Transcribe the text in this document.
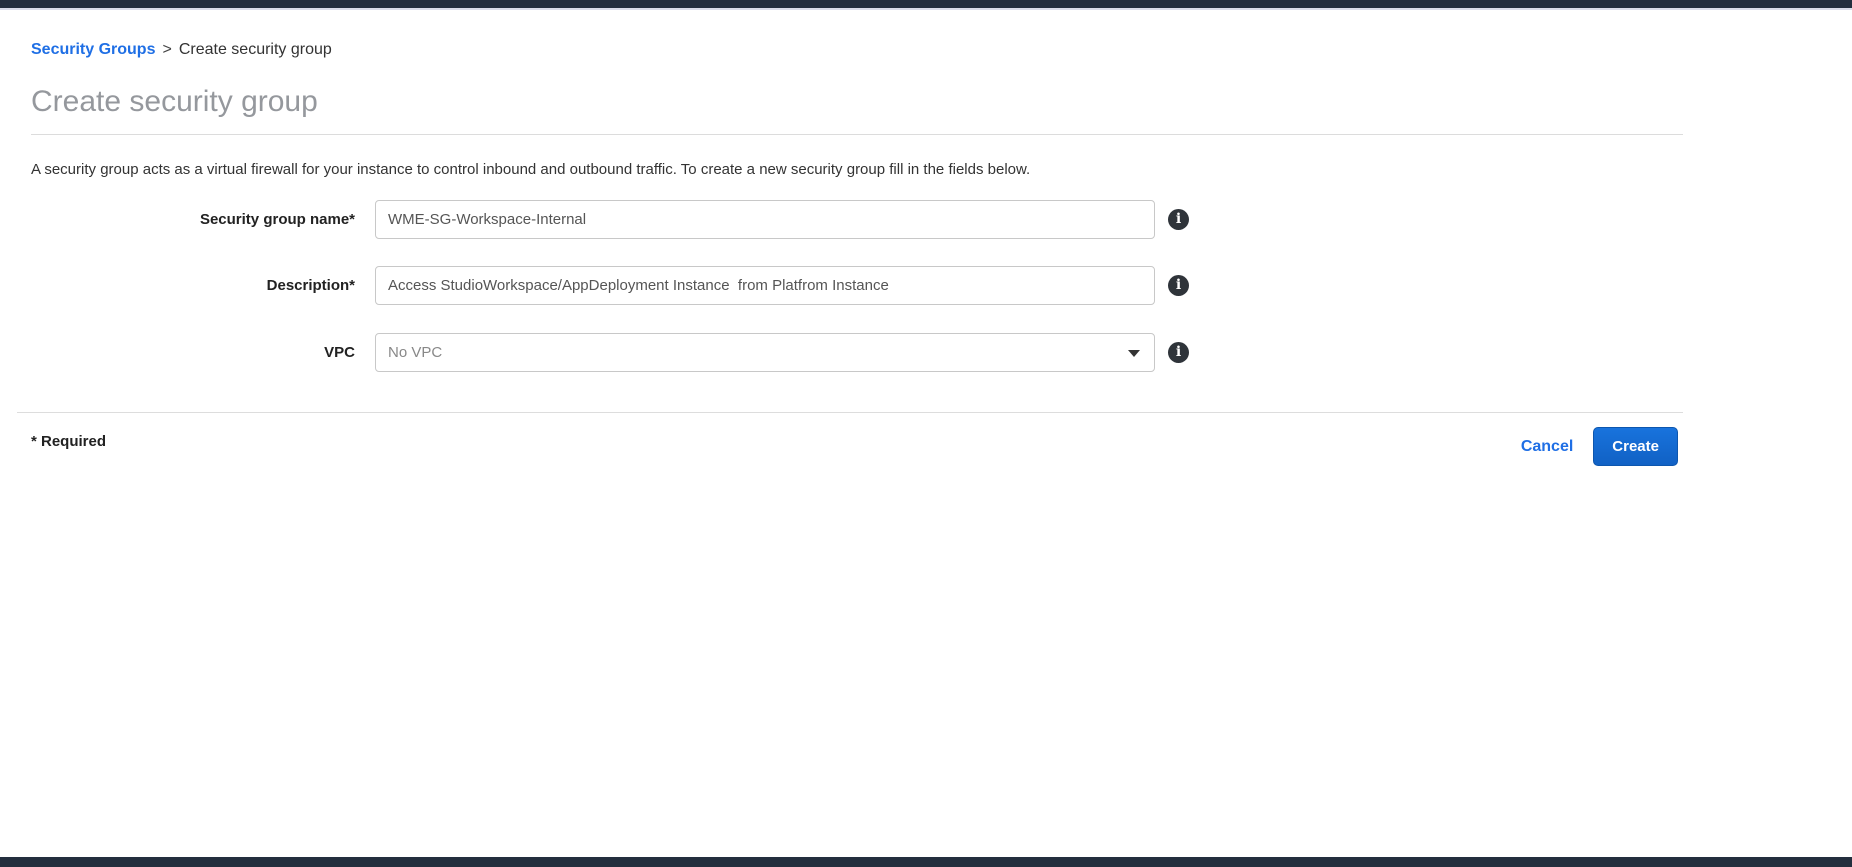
Security Groups > Create security group
Create security group

A security group acts as a virtual firewall for your instance to control inbound and outbound traffic. To create a new security group fill in the fields below.

Security group name*
WME-SG-Workspace-Internal	i
Description*
Access StudioWorkspace/AppDeployment Instance from Platfrom Instance	i
VPC No VPC	i
* Required	Cancel	Create
